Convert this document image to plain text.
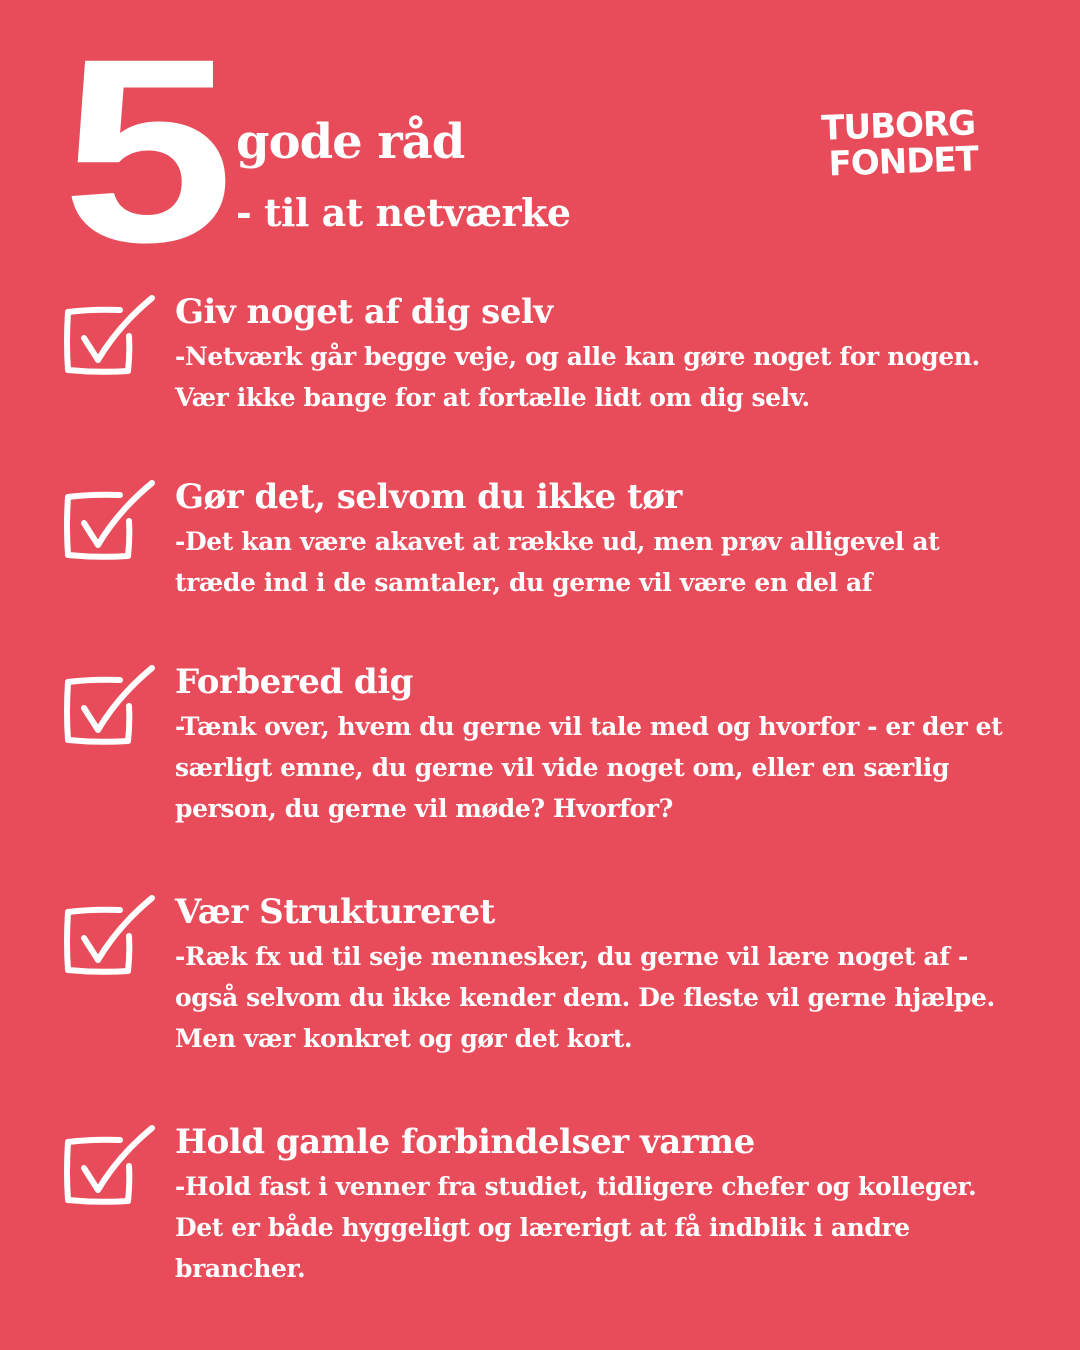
5 gode råd
- til at netværke
TUBORG
FONDET
Giv noget af dig selv
-Netværk går begge veje, og alle kan gøre noget for nogen.
Vær ikke bange for at fortælle lidt om dig selv.
Gør det, selvom du ikke tør
-Det kan være akavet at række ud, men prøv alligevel at
træde ind i de samtaler, du gerne vil være en del af
Forbered dig
-Tænk over, hvem du gerne vil tale med og hvorfor - er der et
særligt emne, du gerne vil vide noget om, eller en særlig
person, du gerne vil møde? Hvorfor?
Vær Struktureret
-Ræk fx ud til seje mennesker, du gerne vil lære noget af -
også selvom du ikke kender dem. De fleste vil gerne hjælpe.
Men vær konkret og gør det kort.
Hold gamle forbindelser varme
-Hold fast i venner fra studiet, tidligere chefer og kolleger.
Det er både hyggeligt og lærerigt at få indblik i andre
brancher.
